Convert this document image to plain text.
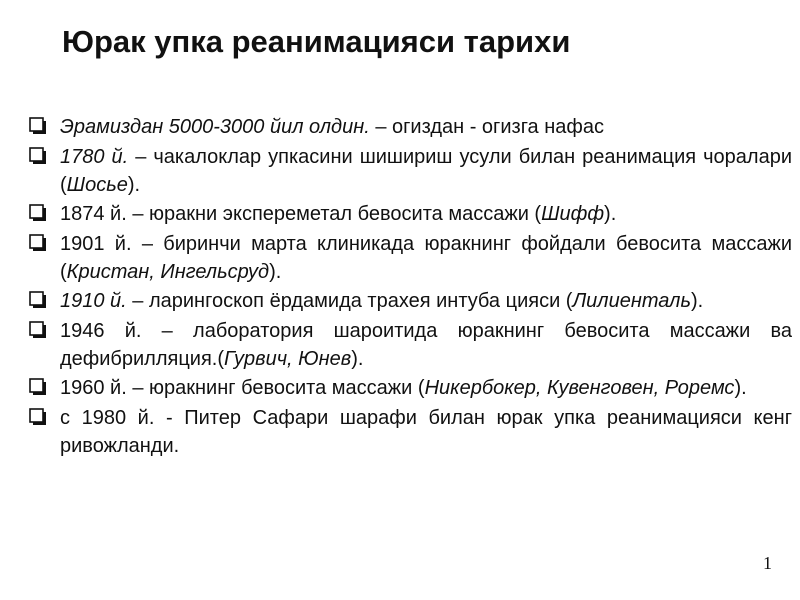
Юрак упка реанимацияси тарихи
Эрамиздан 5000-3000 йил олдин. – огиздан - огизга нафас
1780 й. – чакалоклар упкасини шишириш усули билан реанимация чоралари (Шосье).
1874 й. – юракни экспереметал бевосита массажи (Шифф).
1901 й. – биринчи марта клиникада юракнинг фойдали бевосита массажи (Кристан, Ингельсруд).
1910 й. – ларингоскоп ёрдамида трахея интуба цияси (Лилиенталь).
1946 й. – лаборатория шароитида юракнинг бевосита массажи ва дефибрилляция.(Гурвич, Юнев).
1960 й. – юракнинг бевосита массажи (Никербокер, Кувенговен, Роремс).
с 1980 й. - Питер Сафари шарафи билан юрак упка реанимацияси кенг ривожланди.
1
